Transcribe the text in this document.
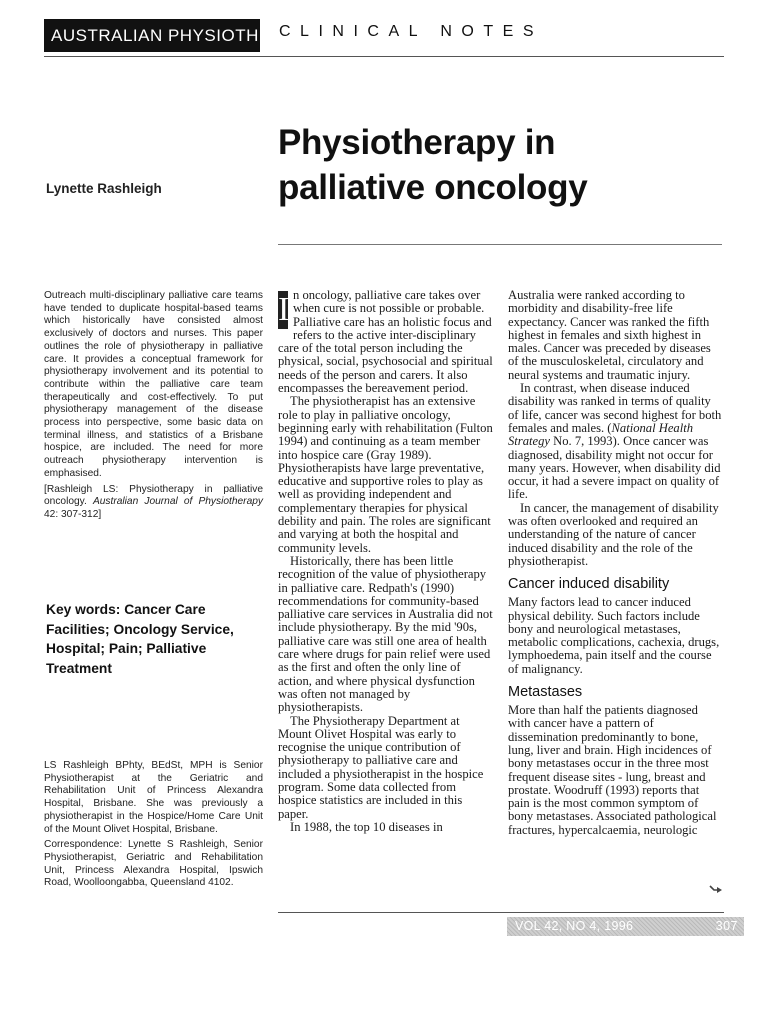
AUSTRALIAN PHYSIOTHERAPY
CLINICAL NOTES
Physiotherapy in
palliative oncology
Lynette Rashleigh

Outreach multi-disciplinary palliative care teams have tended to duplicate hospital-based teams which historically have consisted almost exclusively of doctors and nurses. This paper outlines the role of physiotherapy in palliative care. It provides a conceptual framework for physiotherapy involvement and its potential to contribute within the palliative care team therapeutically and cost-effectively. To put physiotherapy management of the disease process into perspective, some basic data on terminal illness, and statistics of a Brisbane hospice, are included. The need for more outreach physiotherapy intervention is emphasised.

[Rashleigh LS: Physiotherapy in palliative oncology. Australian Journal of Physiotherapy 42: 307-312]

Key words: Cancer Care Facilities; Oncology Service, Hospital; Pain; Palliative Treatment

LS Rashleigh BPhty, BEdSt, MPH is Senior Physiotherapist at the Geriatric and Rehabilitation Unit of Princess Alexandra Hospital, Brisbane. She was previously a physiotherapist in the Hospice/Home Care Unit of the Mount Olivet Hospital, Brisbane.

Correspondence: Lynette S Rashleigh, Senior Physiotherapist, Geriatric and Rehabilitation Unit, Princess Alexandra Hospital, Ipswich Road, Woolloongabba, Queensland 4102.

I n oncology, palliative care takes over when cure is not possible or probable. Palliative care has an holistic focus and refers to the active inter-disciplinary care of the total person including the physical, social, psychosocial and spiritual needs of the person and carers. It also encompasses the bereavement period.

The physiotherapist has an extensive role to play in palliative oncology, beginning early with rehabilitation (Fulton 1994) and continuing as a team member into hospice care (Gray 1989). Physiotherapists have large preventative, educative and supportive roles to play as well as providing independent and complementary therapies for physical debility and pain. The roles are significant and varying at both the hospital and community levels.

Historically, there has been little recognition of the value of physiotherapy in palliative care. Redpath's (1990) recommendations for community-based palliative care services in Australia did not include physiotherapy. By the mid '90s, palliative care was still one area of health care where drugs for pain relief were used as the first and often the only line of action, and where physical dysfunction was often not managed by physiotherapists.

The Physiotherapy Department at Mount Olivet Hospital was early to recognise the unique contribution of physiotherapy to palliative care and included a physiotherapist in the hospice program. Some data collected from hospice statistics are included in this paper.

In 1988, the top 10 diseases in

Australia were ranked according to morbidity and disability-free life expectancy. Cancer was ranked the fifth highest in females and sixth highest in males. Cancer was preceded by diseases of the musculoskeletal, circulatory and neural systems and traumatic injury.

In contrast, when disease induced disability was ranked in terms of quality of life, cancer was second highest for both females and males. (National Health Strategy No. 7, 1993). Once cancer was diagnosed, disability might not occur for many years. However, when disability did occur, it had a severe impact on quality of life.

In cancer, the management of disability was often overlooked and required an understanding of the nature of cancer induced disability and the role of the physiotherapist.

Cancer induced disability

Many factors lead to cancer induced physical debility. Such factors include bony and neurological metastases, metabolic complications, cachexia, drugs, lymphoedema, pain itself and the course of malignancy.

Metastases

More than half the patients diagnosed with cancer have a pattern of dissemination predominantly to bone, lung, liver and brain. High incidences of bony metastases occur in the three most frequent disease sites - lung, breast and prostate. Woodruff (1993) reports that pain is the most common symptom of bony metastases. Associated pathological fractures, hypercalcaemia, neurologic

VOL 42, NO 4, 1996	307
